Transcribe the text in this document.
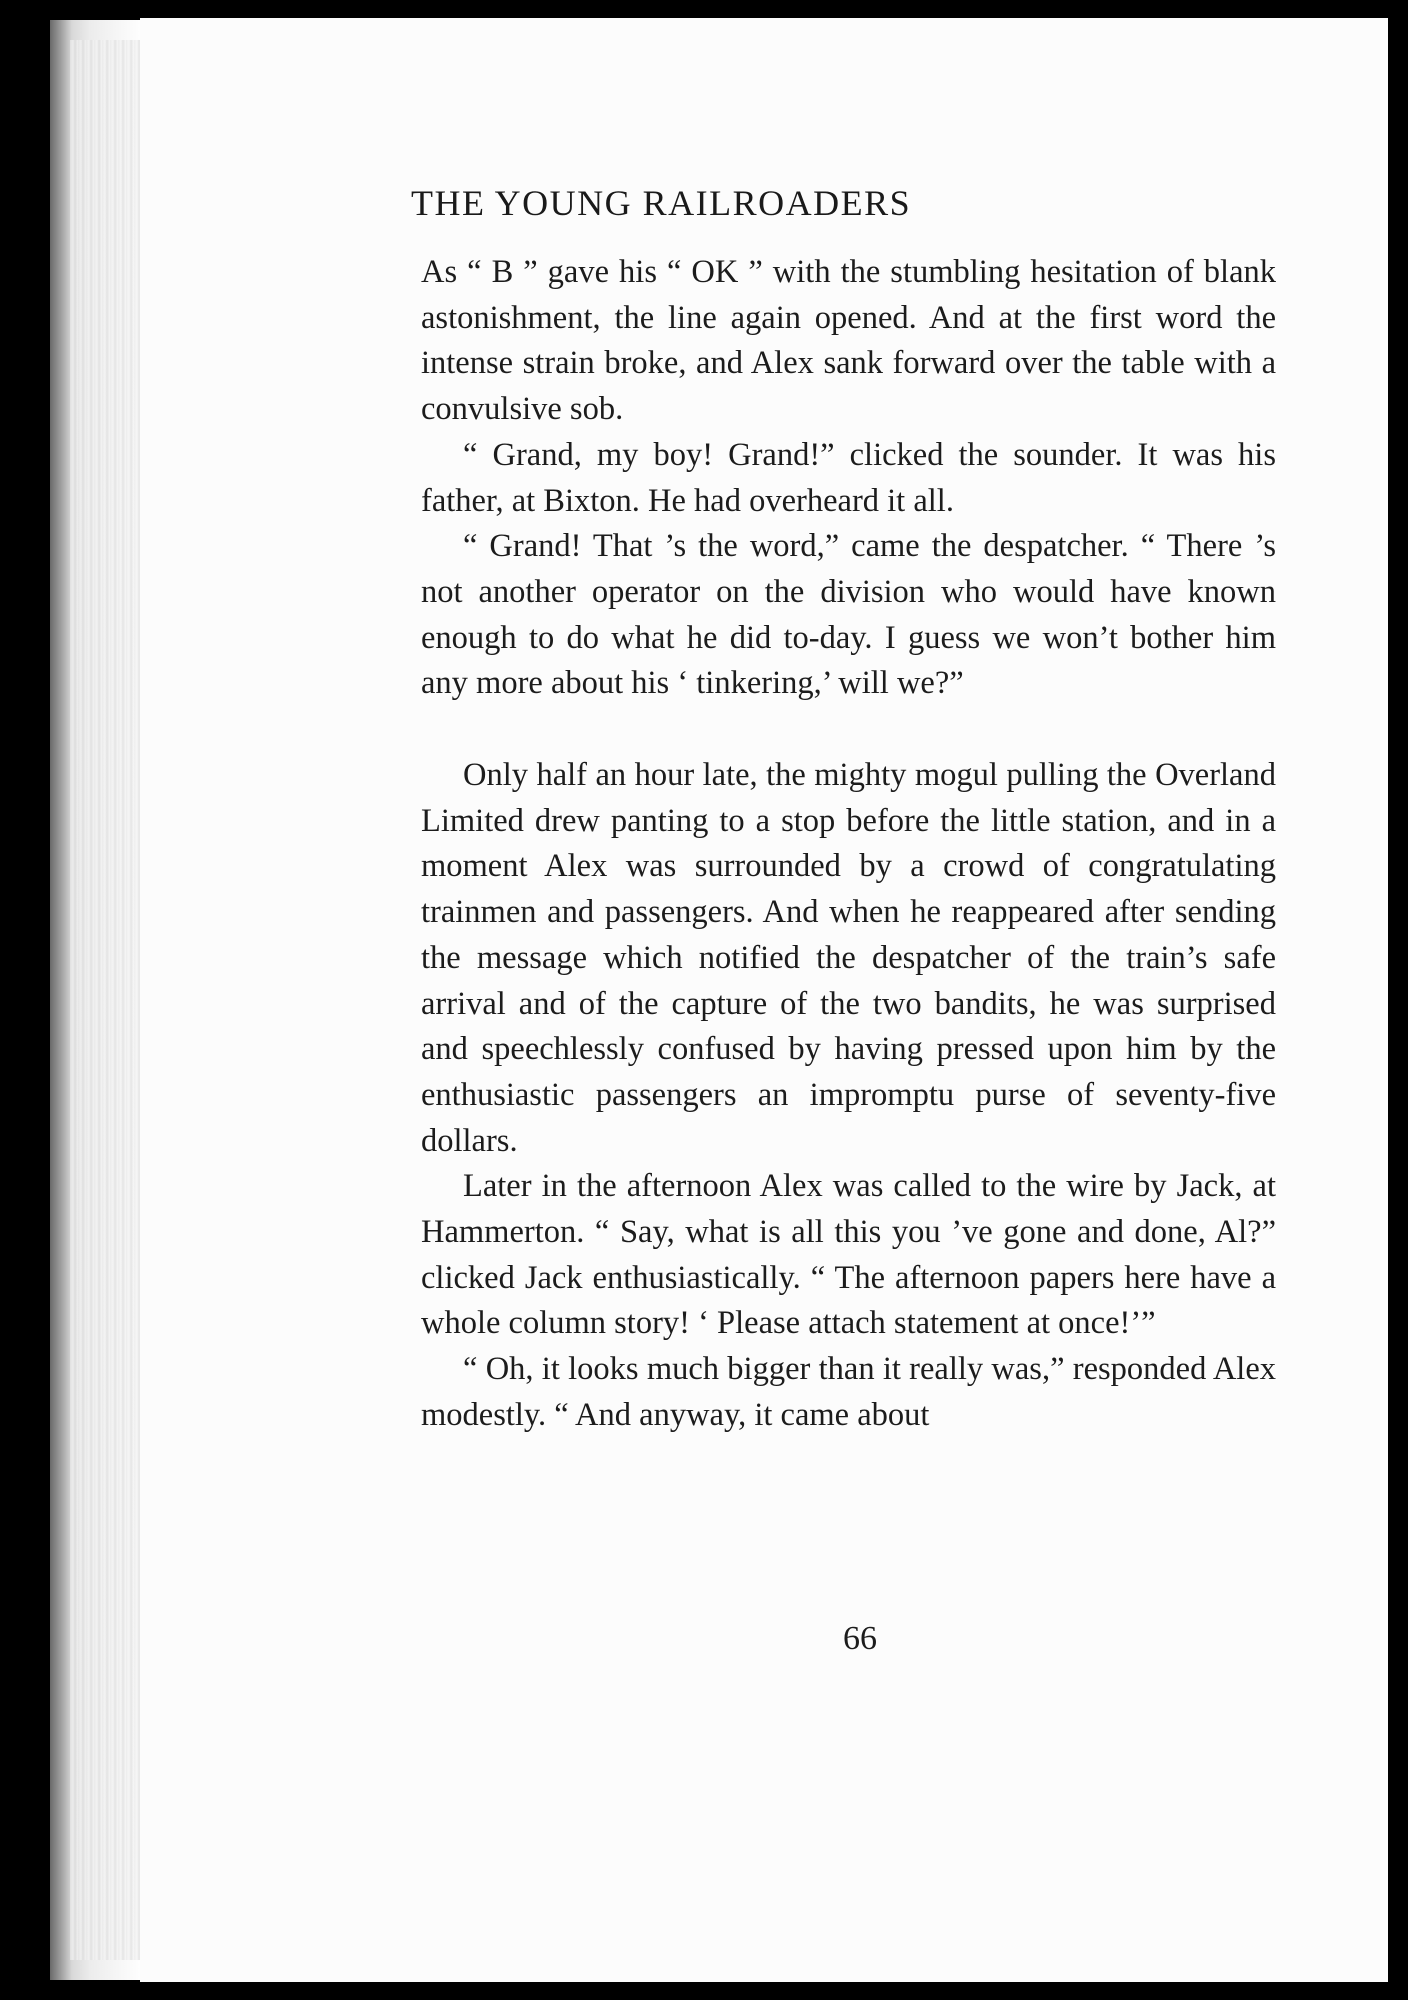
THE YOUNG RAILROADERS

As “ B ” gave his “ OK ” with the stumbling hesitation of blank astonishment, the line again opened. And at the first word the intense strain broke, and Alex sank forward over the table with a convulsive sob.

“ Grand, my boy! Grand!” clicked the sounder. It was his father, at Bixton. He had overheard it all.

“ Grand! That ’s the word,” came the despatcher. “ There ’s not another operator on the division who would have known enough to do what he did to-day. I guess we won’t bother him any more about his ‘ tinkering,’ will we?”

Only half an hour late, the mighty mogul pulling the Overland Limited drew panting to a stop before the little station, and in a moment Alex was surrounded by a crowd of congratulating trainmen and passengers. And when he reappeared after sending the message which notified the despatcher of the train’s safe arrival and of the capture of the two bandits, he was surprised and speechlessly confused by having pressed upon him by the enthusiastic passengers an impromptu purse of seventy-five dollars.

Later in the afternoon Alex was called to the wire by Jack, at Hammerton. “ Say, what is all this you ’ve gone and done, Al?” clicked Jack enthusiastically. “ The afternoon papers here have a whole column story! ‘ Please attach statement at once!’”

“ Oh, it looks much bigger than it really was,” responded Alex modestly. “ And anyway, it came about

66
